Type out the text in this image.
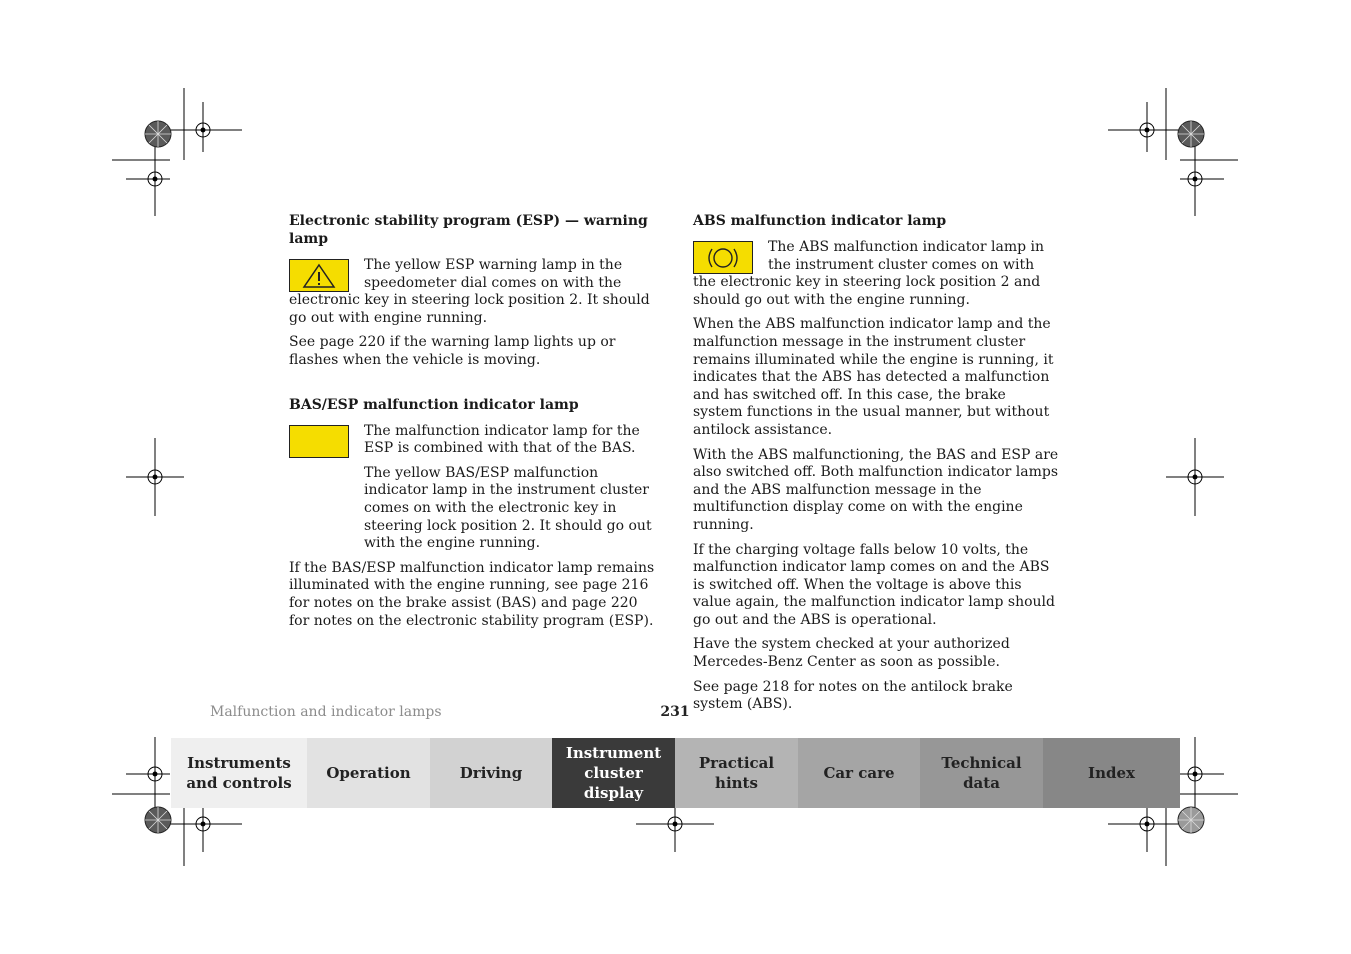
Electronic stability program (ESP) — warning lamp

The yellow ESP warning lamp in the speedometer dial comes on with the electronic key in steering lock position 2. It should go out with engine running.

See page 220 if the warning lamp lights up or flashes when the vehicle is moving.

BAS/ESP malfunction indicator lamp

The malfunction indicator lamp for the ESP is combined with that of the BAS.

The yellow BAS/ESP malfunction indicator lamp in the instrument cluster comes on with the electronic key in steering lock position 2. It should go out with the engine running.

If the BAS/ESP malfunction indicator lamp remains illuminated with the engine running, see page 216 for notes on the brake assist (BAS) and page 220 for notes on the electronic stability program (ESP).

ABS malfunction indicator lamp

The ABS malfunction indicator lamp in the instrument cluster comes on with the electronic key in steering lock position 2 and should go out with the engine running.

When the ABS malfunction indicator lamp and the malfunction message in the instrument cluster remains illuminated while the engine is running, it indicates that the ABS has detected a malfunction and has switched off. In this case, the brake system functions in the usual manner, but without antilock assistance.

With the ABS malfunctioning, the BAS and ESP are also switched off. Both malfunction indicator lamps and the ABS malfunction message in the multifunction display come on with the engine running.

If the charging voltage falls below 10 volts, the malfunction indicator lamp comes on and the ABS is switched off. When the voltage is above this value again, the malfunction indicator lamp should go out and the ABS is operational.

Have the system checked at your authorized Mercedes-Benz Center as soon as possible.

See page 218 for notes on the antilock brake system (ABS).

Malfunction and indicator lamps	231
Instruments
and controls
Operation	Driving
Instrument
cluster display
Practical hints
Car care
Technical
data
Index
